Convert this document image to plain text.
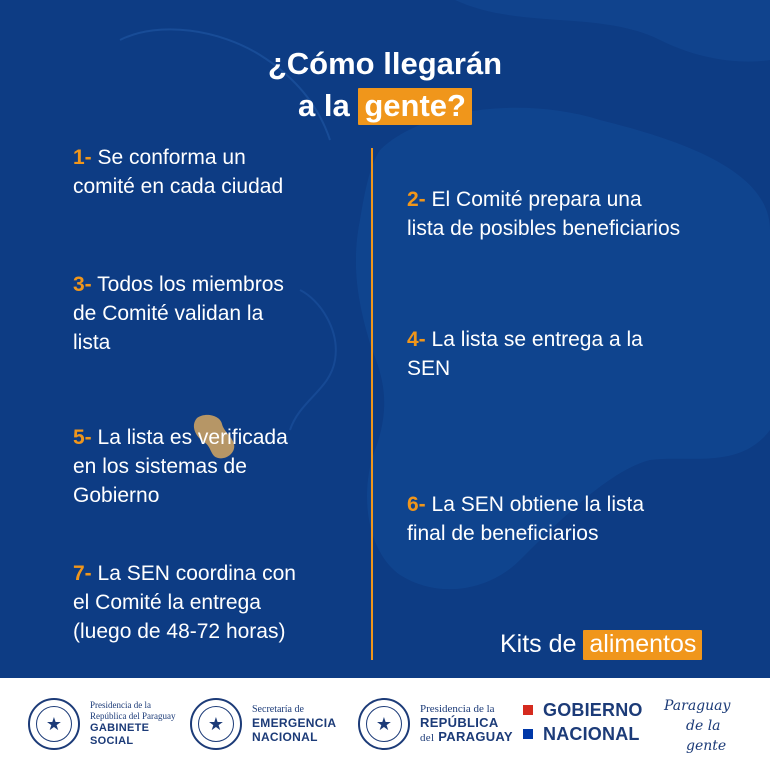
¿Cómo llegarán
a la gente?
1- Se conforma un
comité en cada ciudad
2- El Comité prepara una
lista de posibles beneficiarios
3- Todos los miembros
de Comité validan la
lista	4- La lista se entrega a la
SEN
5- La lista es verificada
en los sistemas de
Gobierno	6- La SEN obtiene la lista
final de beneficiarios
7- La SEN coordina con
el Comité la entrega
(luego de 48-72 horas)	Kits de alimentos
★
Presidencia de la
República del Paraguay
GABINETE
SOCIAL
★
Secretaría de
EMERGENCIA
NACIONAL
★
Presidencia de la
REPÚBLICA
del PARAGUAY
GOBIERNO
NACIONAL
Paraguay
de la gente
